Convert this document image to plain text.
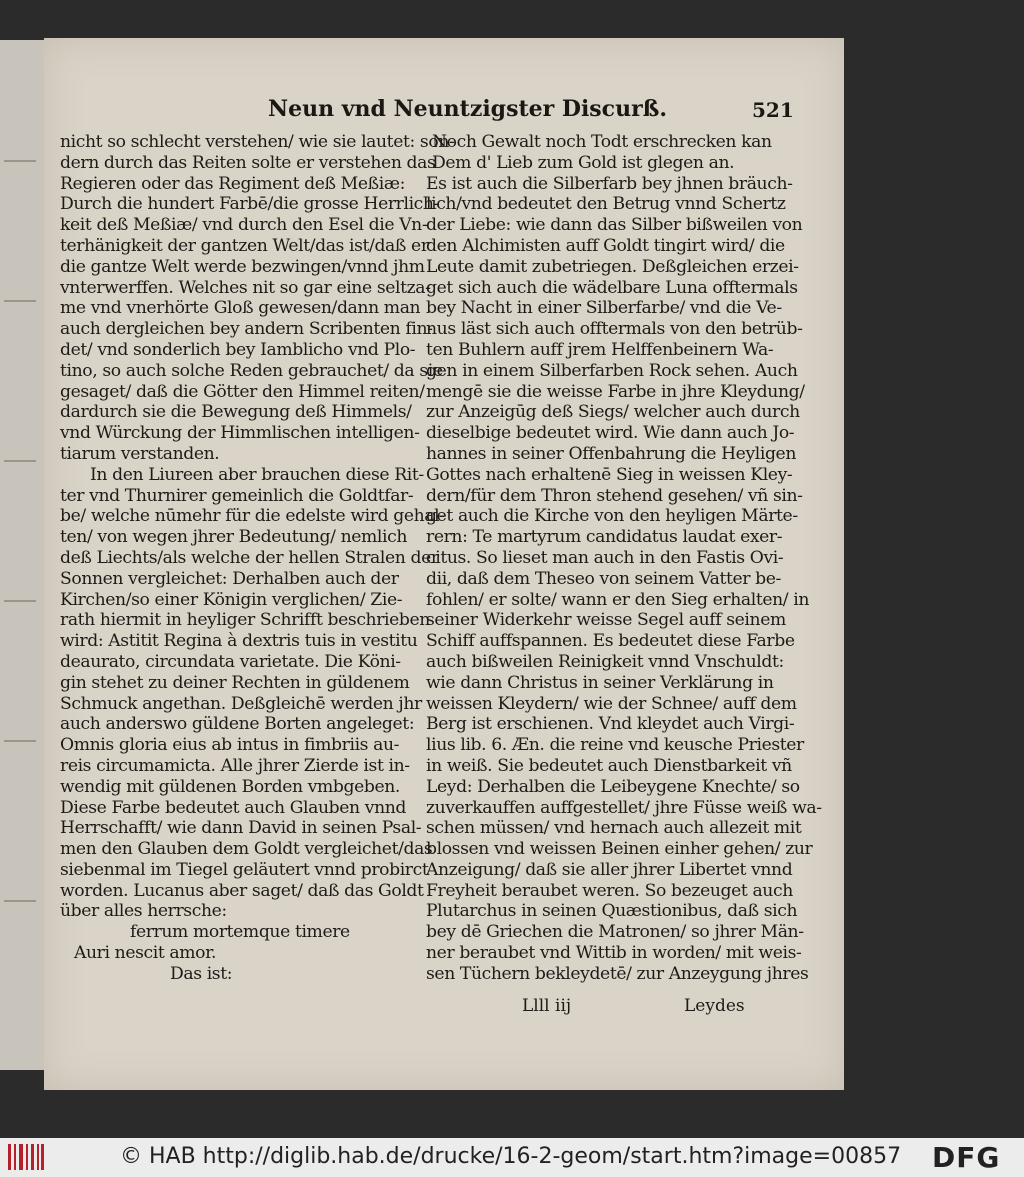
Neun vnd Neuntzigster Discurß.	521
nicht so schlecht verstehen/ wie sie lautet: son-
dern durch das Reiten solte er verstehen das
Regieren oder das Regiment deß Meßiæ:
Durch die hundert Farbē/die grosse Herrlich-
keit deß Meßiæ/ vnd durch den Esel die Vn-
terhänigkeit der gantzen Welt/das ist/daß er
die gantze Welt werde bezwingen/vnnd jhm
vnterwerffen. Welches nit so gar eine seltza-
me vnd vnerhörte Gloß gewesen/dann man
auch dergleichen bey andern Scribenten fin-
det/ vnd sonderlich bey Iamblicho vnd Plo-
tino, so auch solche Reden gebrauchet/ da sie
gesaget/ daß die Götter den Himmel reiten/
dardurch sie die Bewegung deß Himmels/
vnd Würckung der Himmlischen intelligen-
tiarum verstanden.
In den Liureen aber brauchen diese Rit-
ter vnd Thurnirer gemeinlich die Goldtfar-
be/ welche nūmehr für die edelste wird gehal-
ten/ von wegen jhrer Bedeutung/ nemlich
deß Liechts/als welche der hellen Stralen der
Sonnen vergleichet: Derhalben auch der
Kirchen/so einer Königin verglichen/ Zie-
rath hiermit in heyliger Schrifft beschrieben
wird: Astitit Regina à dextris tuis in vestitu
deaurato, circundata varietate. Die Köni-
gin stehet zu deiner Rechten in güldenem
Schmuck angethan. Deßgleichē werden jhr
auch anderswo güldene Borten angeleget:
Omnis gloria eius ab intus in fimbriis au-
reis circumamicta. Alle jhrer Zierde ist in-
wendig mit güldenen Borden vmbgeben.
Diese Farbe bedeutet auch Glauben vnnd
Herrschafft/ wie dann David in seinen Psal-
men den Glauben dem Goldt vergleichet/das
siebenmal im Tiegel geläutert vnnd probirct
worden. Lucanus aber saget/ daß das Goldt
über alles herrsche:
ferrum mortemque timere
Auri nescit amor.
Das ist:
Noch Gewalt noch Todt erschrecken kan
Dem d' Lieb zum Gold ist glegen an.
Es ist auch die Silberfarb bey jhnen bräuch-
lich/vnd bedeutet den Betrug vnnd Schertz
der Liebe: wie dann das Silber bißweilen von
den Alchimisten auff Goldt tingirt wird/ die
Leute damit zubetriegen. Deßgleichen erzei-
get sich auch die wädelbare Luna offtermals
bey Nacht in einer Silberfarbe/ vnd die Ve-
nus läst sich auch offtermals von den betrüb-
ten Buhlern auff jrem Helffenbeinern Wa-
gen in einem Silberfarben Rock sehen. Auch
mengē sie die weisse Farbe in jhre Kleydung/
zur Anzeigūg deß Siegs/ welcher auch durch
dieselbige bedeutet wird. Wie dann auch Jo-
hannes in seiner Offenbahrung die Heyligen
Gottes nach erhaltenē Sieg in weissen Kley-
dern/für dem Thron stehend gesehen/ vñ sin-
get auch die Kirche von den heyligen Märte-
rern: Te martyrum candidatus laudat exer-
citus. So lieset man auch in den Fastis Ovi-
dii, daß dem Theseo von seinem Vatter be-
fohlen/ er solte/ wann er den Sieg erhalten/ in
seiner Widerkehr weisse Segel auff seinem
Schiff auffspannen. Es bedeutet diese Farbe
auch bißweilen Reinigkeit vnnd Vnschuldt:
wie dann Christus in seiner Verklärung in
weissen Kleydern/ wie der Schnee/ auff dem
Berg ist erschienen. Vnd kleydet auch Virgi-
lius lib. 6. Æn. die reine vnd keusche Priester
in weiß. Sie bedeutet auch Dienstbarkeit vñ
Leyd: Derhalben die Leibeygene Knechte/ so
zuverkauffen auffgestellet/ jhre Füsse weiß wa-
schen müssen/ vnd hernach auch allezeit mit
blossen vnd weissen Beinen einher gehen/ zur
Anzeigung/ daß sie aller jhrer Libertet vnnd
Freyheit beraubet weren. So bezeuget auch
Plutarchus in seinen Quæstionibus, daß sich
bey dē Griechen die Matronen/ so jhrer Män-
ner beraubet vnd Wittib in worden/ mit weis-
sen Tüchern bekleydetē/ zur Anzeygung jhres
Llll iij	Leydes
© HAB http://diglib.hab.de/drucke/16-2-geom/start.htm?image=00857 DFG
